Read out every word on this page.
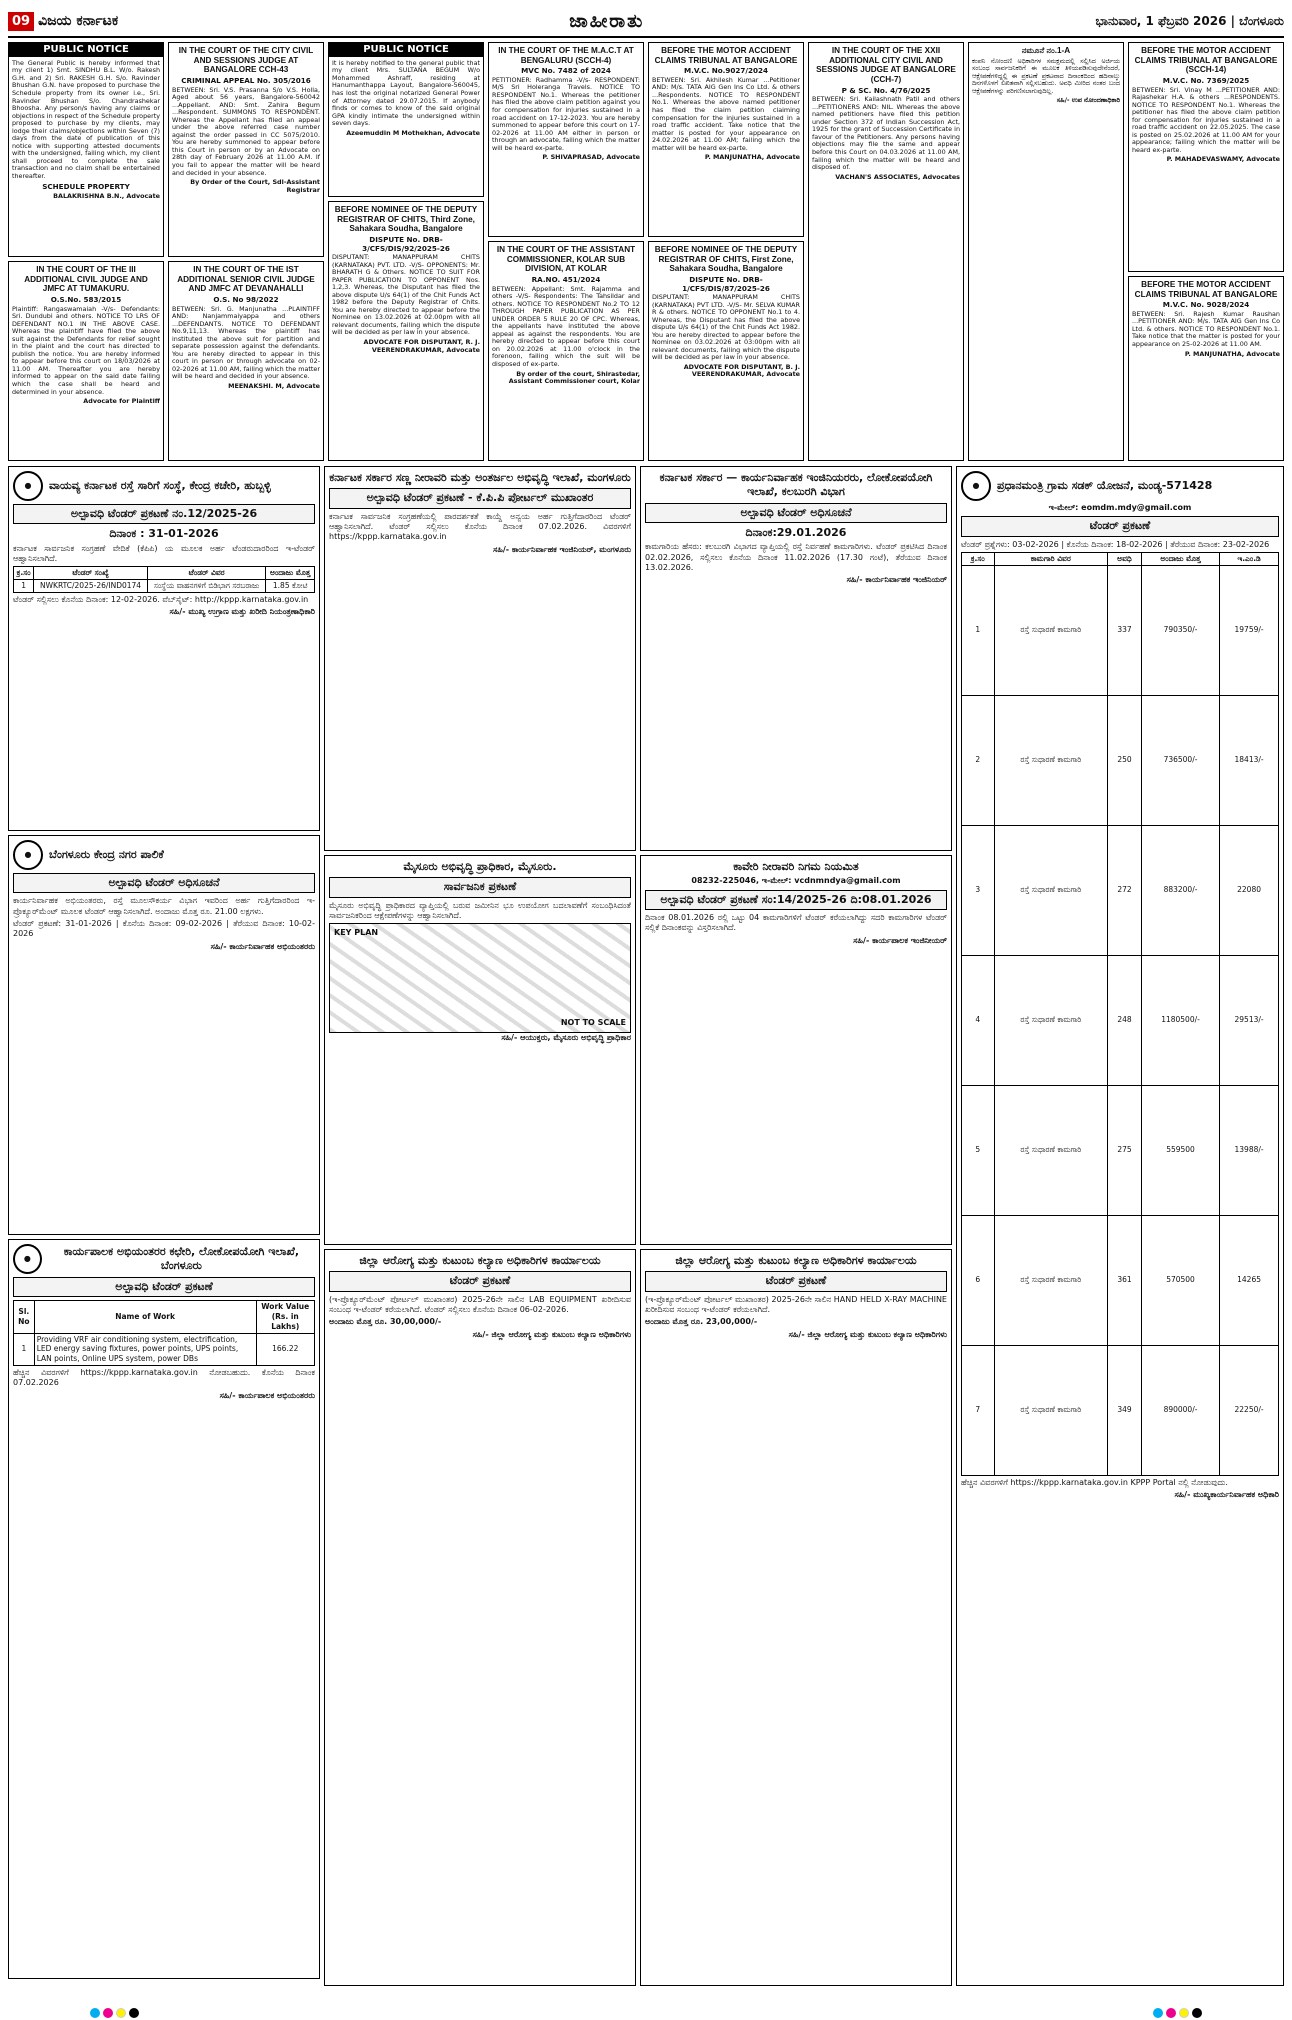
09 ವಿಜಯ ಕರ್ನಾಟಕ	ಜಾಹೀರಾತು	ಭಾನುವಾರ, 1 ಫೆಬ್ರವರಿ 2026 | ಬೆಂಗಳೂರು
PUBLIC NOTICE

The General Public is hereby informed that my client 1) Smt. SINDHU B.L. W/o. Rakesh G.H. and 2) Sri. RAKESH G.H. S/o. Ravinder Bhushan G.N. have proposed to purchase the Schedule property from its owner i.e., Sri. Ravinder Bhushan S/o. Chandrashekar Bhoosha. Any person/s having any claims or objections in respect of the Schedule property proposed to purchase by my clients, may lodge their claims/objections within Seven (7) days from the date of publication of this notice with supporting attested documents with the undersigned, failing which, my client shall proceed to complete the sale transaction and no claim shall be entertained thereafter.

SCHEDULE PROPERTY
BALAKRISHNA B.N., Advocate
IN THE COURT OF THE III ADDITIONAL CIVIL JUDGE AND JMFC AT TUMAKURU.
O.S.No. 583/2015

Plaintiff: Rangaswamaiah -V/s- Defendants: Sri. Dundubi and others. NOTICE TO LRS OF DEFENDANT NO.1 IN THE ABOVE CASE. Whereas the plaintiff have filed the above suit against the Defendants for relief sought in the plaint and the court has directed to publish the notice. You are hereby informed to appear before this court on 18/03/2026 at 11.00 AM. Thereafter you are hereby informed to appear on the said date failing which the case shall be heard and determined in your absence.

Advocate for Plaintiff
IN THE COURT OF THE CITY CIVIL AND SESSIONS JUDGE AT BANGALORE CCH-43
CRIMINAL APPEAL No. 305/2016

BETWEEN: Sri. V.S. Prasanna S/o V.S. Holla, Aged about 56 years, Bangalore-560042 ...Appellant. AND: Smt. Zahira Begum ...Respondent. SUMMONS TO RESPONDENT. Whereas the Appellant has filed an appeal under the above referred case number against the order passed in CC 5075/2010. You are hereby summoned to appear before this Court in person or by an Advocate on 28th day of February 2026 at 11.00 A.M. If you fail to appear the matter will be heard and decided in your absence.

By Order of the Court, Sdl-Assistant Registrar
IN THE COURT OF THE IST ADDITIONAL SENIOR CIVIL JUDGE AND JMFC AT DEVANAHALLI
O.S. No 98/2022

BETWEEN: Sri. G. Manjunatha ...PLAINTIFF AND: Nanjammaiyappa and others ...DEFENDANTS. NOTICE TO DEFENDANT No.9,11,13. Whereas the plaintiff has instituted the above suit for partition and separate possession against the defendants. You are hereby directed to appear in this court in person or through advocate on 02-02-2026 at 11.00 AM, failing which the matter will be heard and decided in your absence.

MEENAKSHI. M, Advocate
PUBLIC NOTICE

It is hereby notified to the general public that my client Mrs. SULTANA BEGUM W/o Mohammed Ashraff, residing at Hanumanthappa Layout, Bangalore-560045, has lost the original notarized General Power of Attorney dated 29.07.2015. If anybody finds or comes to know of the said original GPA kindly intimate the undersigned within seven days.

Azeemuddin M Mothekhan, Advocate
BEFORE NOMINEE OF THE DEPUTY REGISTRAR OF CHITS, Third Zone, Sahakara Soudha, Bangalore
DISPUTE No. DRB-3/CFS/DIS/92/2025-26

DISPUTANT: MANAPPURAM CHITS (KARNATAKA) PVT. LTD. -V/S- OPPONENTS: Mr. BHARATH G & Others. NOTICE TO SUIT FOR PAPER PUBLICATION TO OPPONENT Nos. 1,2,3. Whereas, the Disputant has filed the above dispute U/s 64(1) of the Chit Funds Act 1982 before the Deputy Registrar of Chits. You are hereby directed to appear before the Nominee on 13.02.2026 at 02.00pm with all relevant documents, failing which the dispute will be decided as per law in your absence.

ADVOCATE FOR DISPUTANT, R. J. VEERENDRAKUMAR, Advocate
IN THE COURT OF THE M.A.C.T AT BENGALURU (SCCH-4)
MVC No. 7482 of 2024

PETITIONER: Radhamma -V/s- RESPONDENT: M/S Sri Holeranga Travels. NOTICE TO RESPONDENT No.1. Whereas the petitioner has filed the above claim petition against you for compensation for injuries sustained in a road accident on 17-12-2023. You are hereby summoned to appear before this court on 17-02-2026 at 11.00 AM either in person or through an advocate, failing which the matter will be heard ex-parte.

P. SHIVAPRASAD, Advocate
IN THE COURT OF THE ASSISTANT COMMISSIONER, KOLAR SUB DIVISION, AT KOLAR
RA.NO. 451/2024

BETWEEN: Appellant: Smt. Rajamma and others -V/S- Respondents: The Tahsildar and others. NOTICE TO RESPONDENT No.2 TO 12 THROUGH PAPER PUBLICATION AS PER UNDER ORDER 5 RULE 20 OF CPC. Whereas, the appellants have instituted the above appeal as against the respondents. You are hereby directed to appear before this court on 20.02.2026 at 11.00 o'clock in the forenoon, failing which the suit will be disposed of ex-parte.

By order of the court, Shirastedar, Assistant Commissioner court, Kolar
BEFORE THE MOTOR ACCIDENT CLAIMS TRIBUNAL AT BANGALORE
M.V.C. No.9027/2024

BETWEEN: Sri. Akhilesh Kumar ...Petitioner AND: M/s. TATA AIG Gen Ins Co Ltd. & others ...Respondents. NOTICE TO RESPONDENT No.1. Whereas the above named petitioner has filed the claim petition claiming compensation for the injuries sustained in a road traffic accident. Take notice that the matter is posted for your appearance on 24.02.2026 at 11.00 AM; failing which the matter will be heard ex-parte.

P. MANJUNATHA, Advocate
BEFORE NOMINEE OF THE DEPUTY REGISTRAR OF CHITS, First Zone, Sahakara Soudha, Bangalore
DISPUTE No. DRB-1/CFS/DIS/87/2025-26

DISPUTANT: MANAPPURAM CHITS (KARNATAKA) PVT LTD. -V/S- Mr. SELVA KUMAR R & others. NOTICE TO OPPONENT No.1 to 4. Whereas, the Disputant has filed the above dispute U/s 64(1) of the Chit Funds Act 1982. You are hereby directed to appear before the Nominee on 03.02.2026 at 03:00pm with all relevant documents, failing which the dispute will be decided as per law in your absence.

ADVOCATE FOR DISPUTANT, B. J. VEERENDRAKUMAR, Advocate
IN THE COURT OF THE XXII ADDITIONAL CITY CIVIL AND SESSIONS JUDGE AT BANGALORE (CCH-7)
P & SC. No. 4/76/2025

BETWEEN: Sri. Kailashnath Patil and others ...PETITIONERS AND: NIL. Whereas the above named petitioners have filed this petition under Section 372 of Indian Succession Act, 1925 for the grant of Succession Certificate in favour of the Petitioners. Any persons having objections may file the same and appear before this Court on 04.03.2026 at 11.00 AM, failing which the matter will be heard and disposed of.

VACHAN'S ASSOCIATES, Advocates
ನಮೂನೆ ನಂ.1-A

ಕಂಪನಿ ನೋಂದಣಿ ಅಧಿಕಾರಿಗಳ ಸಮಕ್ಷಮದಲ್ಲಿ ಸಲ್ಲಿಸಿದ ಅರ್ಜಿಯ ಸಂಬಂಧ ಸಾರ್ವಜನಿಕರಿಗೆ ಈ ಮೂಲಕ ತಿಳಿಯಪಡಿಸುವುದೇನೆಂದರೆ, ಆಕ್ಷೇಪಣೆಗಳಿದ್ದಲ್ಲಿ ಈ ಪ್ರಕಟಣೆ ಪ್ರಕಟವಾದ ದಿನಾಂಕದಿಂದ ಹದಿನಾಲ್ಕು ದಿನಗಳೊಳಗೆ ಲಿಖಿತವಾಗಿ ಸಲ್ಲಿಸಬಹುದು. ಅವಧಿ ಮೀರಿದ ನಂತರ ಬಂದ ಆಕ್ಷೇಪಣೆಗಳನ್ನು ಪರಿಗಣಿಸಲಾಗುವುದಿಲ್ಲ.

ಸಹಿ/- ಉಪ ನೋಂದಣಾಧಿಕಾರಿ
BEFORE THE MOTOR ACCIDENT CLAIMS TRIBUNAL AT BANGALORE (SCCH-14)
M.V.C. No. 7369/2025

BETWEEN: Sri. Vinay M ...PETITIONER AND: Rajashekar H.A. & others ...RESPONDENTS. NOTICE TO RESPONDENT No.1. Whereas the petitioner has filed the above claim petition for compensation for injuries sustained in a road traffic accident on 22.05.2025. The case is posted on 25.02.2026 at 11.00 AM for your appearance; failing which the matter will be heard ex-parte.

P. MAHADEVASWAMY, Advocate
BEFORE THE MOTOR ACCIDENT CLAIMS TRIBUNAL AT BANGALORE
M.V.C. No. 9028/2024

BETWEEN: Sri. Rajesh Kumar Raushan ...PETITIONER AND: M/s. TATA AIG Gen Ins Co Ltd. & others. NOTICE TO RESPONDENT No.1. Take notice that the matter is posted for your appearance on 25-02-2026 at 11.00 AM.

P. MANJUNATHA, Advocate
●	ವಾಯವ್ಯ ಕರ್ನಾಟಕ ರಸ್ತೆ ಸಾರಿಗೆ ಸಂಸ್ಥೆ, ಕೇಂದ್ರ ಕಚೇರಿ, ಹುಬ್ಬಳ್ಳಿ
ಅಲ್ಪಾವಧಿ ಟೆಂಡರ್ ಪ್ರಕಟಣೆ ನಂ.12/2025-26
ದಿನಾಂಕ : 31-01-2026

ಕರ್ನಾಟಕ ಸಾರ್ವಜನಿಕ ಸಂಗ್ರಹಣೆ ವೇದಿಕೆ (ಕೆಪಿಪಿ) ಯ ಮೂಲಕ ಅರ್ಹ ಟೆಂಡರುದಾರರಿಂದ ಇ-ಟೆಂಡರ್ ಆಹ್ವಾನಿಸಲಾಗಿದೆ.

ಕ್ರ.ಸಂ	ಟೆಂಡರ್ ಸಂಖ್ಯೆ	ಟೆಂಡರ್ ವಿವರ	ಅಂದಾಜು ಮೊತ್ತ
1	NWKRTC/2025-26/IND0174	ಸಂಸ್ಥೆಯ ವಾಹನಗಳಿಗೆ ಬಿಡಿಭಾಗ ಸರಬರಾಜು	1.85 ಕೋಟಿ

ಟೆಂಡರ್ ಸಲ್ಲಿಸಲು ಕೊನೆಯ ದಿನಾಂಕ: 12-02-2026. ವೆಬ್‌ಸೈಟ್: http://kppp.karnataka.gov.in

ಸಹಿ/- ಮುಖ್ಯ ಉಗ್ರಾಣ ಮತ್ತು ಖರೀದಿ ನಿಯಂತ್ರಣಾಧಿಕಾರಿ
●	ಬೆಂಗಳೂರು ಕೇಂದ್ರ ನಗರ ಪಾಲಿಕೆ
ಅಲ್ಪಾವಧಿ ಟೆಂಡರ್ ಅಧಿಸೂಚನೆ

ಕಾರ್ಯನಿರ್ವಾಹಕ ಅಭಿಯಂತರರು, ರಸ್ತೆ ಮೂಲಸೌಕರ್ಯ ವಿಭಾಗ ಇವರಿಂದ ಅರ್ಹ ಗುತ್ತಿಗೆದಾರರಿಂದ ಇ-ಪ್ರೊಕ್ಯೂರ್‌ಮೆಂಟ್ ಮೂಲಕ ಟೆಂಡರ್ ಆಹ್ವಾನಿಸಲಾಗಿದೆ. ಅಂದಾಜು ಮೊತ್ತ ರೂ. 21.00 ಲಕ್ಷಗಳು.

ಟೆಂಡರ್ ಪ್ರಕಟಣೆ: 31-01-2026 | ಕೊನೆಯ ದಿನಾಂಕ: 09-02-2026 | ತೆರೆಯುವ ದಿನಾಂಕ: 10-02-2026

ಸಹಿ/- ಕಾರ್ಯನಿರ್ವಾಹಕ ಅಭಿಯಂತರರು
●
ಕಾರ್ಯಪಾಲಕ ಅಭಿಯಂತರರ ಕಛೇರಿ, ಲೋಕೋಪಯೋಗಿ ಇಲಾಖೆ, ಬೆಂಗಳೂರು
ಅಲ್ಪಾವಧಿ ಟೆಂಡರ್ ಪ್ರಕಟಣೆ
Sl. No	Name of Work	Work Value (Rs. in Lakhs)
1	Providing VRF air conditioning system, electrification, LED energy saving fixtures, power points, UPS points, LAN points, Online UPS system, power DBs	166.22

ಹೆಚ್ಚಿನ ವಿವರಗಳಿಗೆ https://kppp.karnataka.gov.in ನೋಡಬಹುದು. ಕೊನೆಯ ದಿನಾಂಕ 07.02.2026

ಸಹಿ/- ಕಾರ್ಯಪಾಲಕ ಅಭಿಯಂತರರು
ಕರ್ನಾಟಕ ಸರ್ಕಾರ ಸಣ್ಣ ನೀರಾವರಿ ಮತ್ತು ಅಂತರ್ಜಲ ಅಭಿವೃದ್ಧಿ ಇಲಾಖೆ, ಮಂಗಳೂರು
ಅಲ್ಪಾವಧಿ ಟೆಂಡರ್ ಪ್ರಕಟಣೆ - ಕೆ.ಪಿ.ಪಿ ಪೋರ್ಟಲ್ ಮುಖಾಂತರ

ಕರ್ನಾಟಕ ಸಾರ್ವಜನಿಕ ಸಂಗ್ರಹಣೆಯಲ್ಲಿ ಪಾರದರ್ಶಕತೆ ಕಾಯ್ದೆ ಅನ್ವಯ ಅರ್ಹ ಗುತ್ತಿಗೆದಾರರಿಂದ ಟೆಂಡರ್ ಆಹ್ವಾನಿಸಲಾಗಿದೆ. ಟೆಂಡರ್ ಸಲ್ಲಿಸಲು ಕೊನೆಯ ದಿನಾಂಕ 07.02.2026. ವಿವರಗಳಿಗೆ https://kppp.karnataka.gov.in

ಸಹಿ/- ಕಾರ್ಯನಿರ್ವಾಹಕ ಇಂಜಿನಿಯರ್, ಮಂಗಳೂರು
ಮೈಸೂರು ಅಭಿವೃದ್ಧಿ ಪ್ರಾಧಿಕಾರ, ಮೈಸೂರು.
ಸಾರ್ವಜನಿಕ ಪ್ರಕಟಣೆ

ಮೈಸೂರು ಅಭಿವೃದ್ಧಿ ಪ್ರಾಧಿಕಾರದ ವ್ಯಾಪ್ತಿಯಲ್ಲಿ ಬರುವ ಜಮೀನಿನ ಭೂ ಉಪಯೋಗ ಬದಲಾವಣೆಗೆ ಸಂಬಂಧಿಸಿದಂತೆ ಸಾರ್ವಜನಿಕರಿಂದ ಆಕ್ಷೇಪಣೆಗಳನ್ನು ಆಹ್ವಾನಿಸಲಾಗಿದೆ.

KEY PLAN
NOT TO SCALE
ಸಹಿ/- ಆಯುಕ್ತರು, ಮೈಸೂರು ಅಭಿವೃದ್ಧಿ ಪ್ರಾಧಿಕಾರ
ಜಿಲ್ಲಾ ಆರೋಗ್ಯ ಮತ್ತು ಕುಟುಂಬ ಕಲ್ಯಾಣ ಅಧಿಕಾರಿಗಳ ಕಾರ್ಯಾಲಯ
ಟೆಂಡರ್ ಪ್ರಕಟಣೆ

(ಇ-ಪ್ರೊಕ್ಯೂರ್‌ಮೆಂಟ್ ಪೋರ್ಟಲ್ ಮುಖಾಂತರ) 2025-26ನೇ ಸಾಲಿನ LAB EQUIPMENT ಖರೀದಿಸುವ ಸಂಬಂಧ ಇ-ಟೆಂಡರ್ ಕರೆಯಲಾಗಿದೆ. ಟೆಂಡರ್ ಸಲ್ಲಿಸಲು ಕೊನೆಯ ದಿನಾಂಕ 06-02-2026.

ಅಂದಾಜು ಮೊತ್ತ ರೂ. 30,00,000/-

ಸಹಿ/- ಜಿಲ್ಲಾ ಆರೋಗ್ಯ ಮತ್ತು ಕುಟುಂಬ ಕಲ್ಯಾಣ ಅಧಿಕಾರಿಗಳು
ಕರ್ನಾಟಕ ಸರ್ಕಾರ — ಕಾರ್ಯನಿರ್ವಾಹಕ ಇಂಜಿನಿಯರರು, ಲೋಕೋಪಯೋಗಿ ಇಲಾಖೆ, ಕಲಬುರಗಿ ವಿಭಾಗ
ಅಲ್ಪಾವಧಿ ಟೆಂಡರ್ ಅಧಿಸೂಚನೆ
ದಿನಾಂಕ:29.01.2026

ಕಾಮಗಾರಿಯ ಹೆಸರು: ಕಲಬುರಗಿ ವಿಭಾಗದ ವ್ಯಾಪ್ತಿಯಲ್ಲಿ ರಸ್ತೆ ನಿರ್ವಹಣೆ ಕಾಮಗಾರಿಗಳು. ಟೆಂಡರ್ ಪ್ರಕಟಿಸಿದ ದಿನಾಂಕ 02.02.2026, ಸಲ್ಲಿಸಲು ಕೊನೆಯ ದಿನಾಂಕ 11.02.2026 (17.30 ಗಂಟೆ), ತೆರೆಯುವ ದಿನಾಂಕ 13.02.2026.

ಸಹಿ/- ಕಾರ್ಯನಿರ್ವಾಹಕ ಇಂಜಿನಿಯರ್
ಕಾವೇರಿ ನೀರಾವರಿ ನಿಗಮ ನಿಯಮಿತ

08232-225046, ಇ-ಮೇಲ್: vcdnmndya@gmail.com

ಅಲ್ಪಾವಧಿ ಟೆಂಡರ್ ಪ್ರಕಟಣೆ ಸಂ:14/2025-26 ದಿ:08.01.2026

ದಿನಾಂಕ 08.01.2026 ರಲ್ಲಿ ಒಟ್ಟು 04 ಕಾಮಗಾರಿಗಳಿಗೆ ಟೆಂಡರ್ ಕರೆಯಲಾಗಿದ್ದು ಸದರಿ ಕಾಮಗಾರಿಗಳ ಟೆಂಡರ್ ಸಲ್ಲಿಕೆ ದಿನಾಂಕವನ್ನು ವಿಸ್ತರಿಸಲಾಗಿದೆ.

ಸಹಿ/- ಕಾರ್ಯಪಾಲಕ ಇಂಜಿನೀಯರ್
ಜಿಲ್ಲಾ ಆರೋಗ್ಯ ಮತ್ತು ಕುಟುಂಬ ಕಲ್ಯಾಣ ಅಧಿಕಾರಿಗಳ ಕಾರ್ಯಾಲಯ
ಟೆಂಡರ್ ಪ್ರಕಟಣೆ

(ಇ-ಪ್ರೊಕ್ಯೂರ್‌ಮೆಂಟ್ ಪೋರ್ಟಲ್ ಮುಖಾಂತರ) 2025-26ನೇ ಸಾಲಿನ HAND HELD X-RAY MACHINE ಖರೀದಿಸುವ ಸಂಬಂಧ ಇ-ಟೆಂಡರ್ ಕರೆಯಲಾಗಿದೆ.

ಅಂದಾಜು ಮೊತ್ತ ರೂ. 23,00,000/-

ಸಹಿ/- ಜಿಲ್ಲಾ ಆರೋಗ್ಯ ಮತ್ತು ಕುಟುಂಬ ಕಲ್ಯಾಣ ಅಧಿಕಾರಿಗಳು
●	ಪ್ರಧಾನಮಂತ್ರಿ ಗ್ರಾಮ ಸಡಕ್ ಯೋಜನೆ, ಮಂಡ್ಯ-571428

ಇ-ಮೇಲ್: eomdm.mdy@gmail.com

ಟೆಂಡರ್ ಪ್ರಕಟಣೆ

ಟೆಂಡರ್ ಪ್ರಶ್ನೆಗಳು: 03-02-2026 | ಕೊನೆಯ ದಿನಾಂಕ: 18-02-2026 | ತೆರೆಯುವ ದಿನಾಂಕ: 23-02-2026

ಕ್ರ.ಸಂ	ಕಾಮಗಾರಿ ವಿವರ	ಅವಧಿ	ಅಂದಾಜು ಮೊತ್ತ	ಇ.ಎಂ.ಡಿ
1	ರಸ್ತೆ ಸುಧಾರಣೆ ಕಾಮಗಾರಿ	337	790350/-	19759/-
2	ರಸ್ತೆ ಸುಧಾರಣೆ ಕಾಮಗಾರಿ	250	736500/-	18413/-
3	ರಸ್ತೆ ಸುಧಾರಣೆ ಕಾಮಗಾರಿ	272	883200/-	22080
4	ರಸ್ತೆ ಸುಧಾರಣೆ ಕಾಮಗಾರಿ	248	1180500/-	29513/-
5	ರಸ್ತೆ ಸುಧಾರಣೆ ಕಾಮಗಾರಿ	275	559500	13988/-
6	ರಸ್ತೆ ಸುಧಾರಣೆ ಕಾಮಗಾರಿ	361	570500	14265
7	ರಸ್ತೆ ಸುಧಾರಣೆ ಕಾಮಗಾರಿ	349	890000/-	22250/-

ಹೆಚ್ಚಿನ ವಿವರಗಳಿಗೆ https://kppp.karnataka.gov.in KPPP Portal ನಲ್ಲಿ ನೋಡುವುದು.

ಸಹಿ/- ಮುಖ್ಯಕಾರ್ಯನಿರ್ವಾಹಕ ಅಧಿಕಾರಿ
